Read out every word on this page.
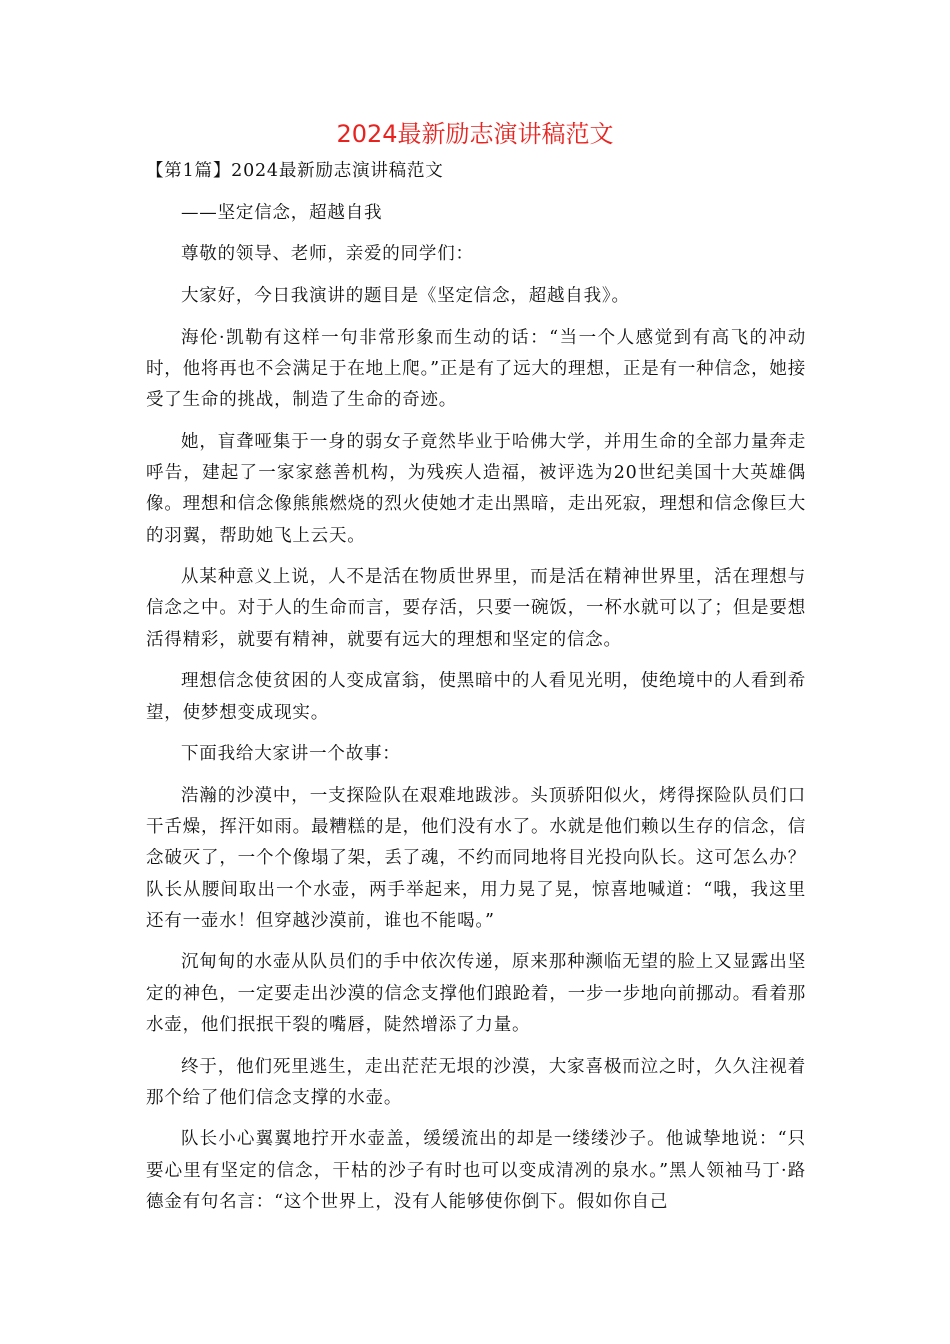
2024最新励志演讲稿范文

【第1篇】2024最新励志演讲稿范文

——坚定信念，超越自我

尊敬的领导、老师，亲爱的同学们：

大家好，今日我演讲的题目是《坚定信念，超越自我》。

海伦·凯勒有这样一句非常形象而生动的话：“当一个人感觉到有高飞的冲动时，他将再也不会满足于在地上爬。”正是有了远大的理想，正是有一种信念，她接受了生命的挑战，制造了生命的奇迹。

她，盲聋哑集于一身的弱女子竟然毕业于哈佛大学，并用生命的全部力量奔走呼告，建起了一家家慈善机构，为残疾人造福，被评选为20世纪美国十大英雄偶像。理想和信念像熊熊燃烧的烈火使她才走出黑暗，走出死寂，理想和信念像巨大的羽翼，帮助她飞上云天。

从某种意义上说，人不是活在物质世界里，而是活在精神世界里，活在理想与信念之中。对于人的生命而言，要存活，只要一碗饭，一杯水就可以了；但是要想活得精彩，就要有精神，就要有远大的理想和坚定的信念。

理想信念使贫困的人变成富翁，使黑暗中的人看见光明，使绝境中的人看到希望，使梦想变成现实。

下面我给大家讲一个故事：

浩瀚的沙漠中，一支探险队在艰难地跋涉。头顶骄阳似火，烤得探险队员们口干舌燥，挥汗如雨。最糟糕的是，他们没有水了。水就是他们赖以生存的信念，信念破灭了，一个个像塌了架，丢了魂，不约而同地将目光投向队长。这可怎么办？队长从腰间取出一个水壶，两手举起来，用力晃了晃，惊喜地喊道：“哦，我这里还有一壶水！但穿越沙漠前，谁也不能喝。”

沉甸甸的水壶从队员们的手中依次传递，原来那种濒临无望的脸上又显露出坚定的神色，一定要走出沙漠的信念支撑他们踉跄着，一步一步地向前挪动。看着那水壶，他们抿抿干裂的嘴唇，陡然增添了力量。

终于，他们死里逃生，走出茫茫无垠的沙漠，大家喜极而泣之时，久久注视着那个给了他们信念支撑的水壶。

队长小心翼翼地拧开水壶盖，缓缓流出的却是一缕缕沙子。他诚挚地说：“只要心里有坚定的信念，干枯的沙子有时也可以变成清冽的泉水。”黑人领袖马丁·路德金有句名言：“这个世界上，没有人能够使你倒下。假如你自己
